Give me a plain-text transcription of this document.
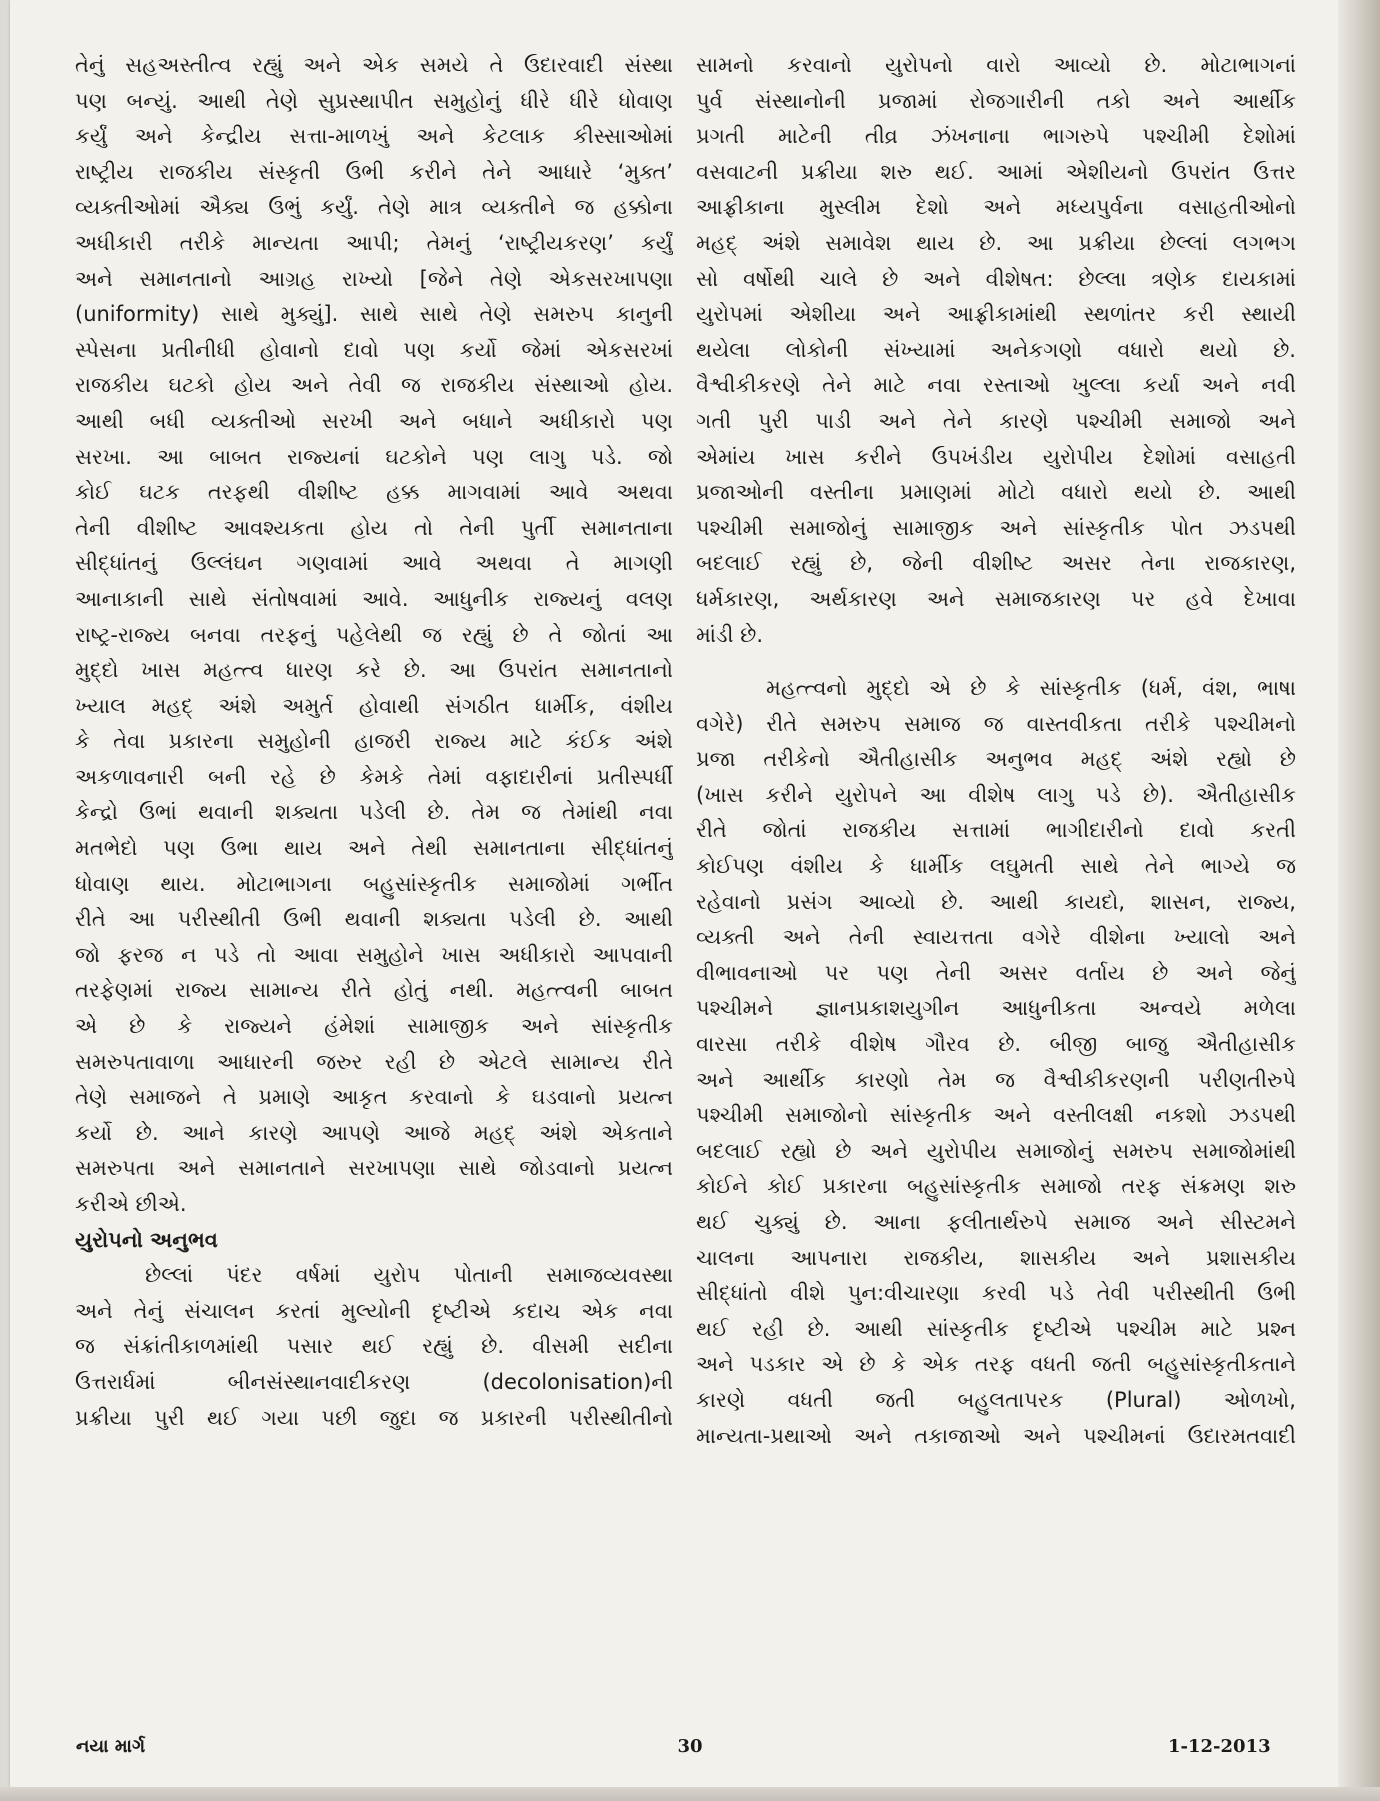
તેનું સહઅસ્તીત્વ રહ્યું અને એક સમયે તે ઉદારવાદી સંસ્થા
પણ બન્યું. આથી તેણે સુપ્રસ્થાપીત સમુહોનું ધીરે ધીરે ધોવાણ
કર્યું અને કેન્દ્રીય સત્તા-માળખું અને કેટલાક કીસ્સાઓમાં
રાષ્ટ્રીય રાજકીય સંસ્કૃતી ઉભી કરીને તેને આધારે ‘મુક્ત’
વ્યક્તીઓમાં ઐક્ય ઉભું કર્યું. તેણે માત્ર વ્યક્તીને જ હક્કોના
અધીકારી તરીકે માન્યતા આપી; તેમનું ‘રાષ્ટ્રીયકરણ’ કર્યું
અને સમાનતાનો આગ્રહ રાખ્યો [જેને તેણે એકસરખાપણા
(uniformity) સાથે મુક્યું]. સાથે સાથે તેણે સમરુપ કાનુની
સ્પેસના પ્રતીનીધી હોવાનો દાવો પણ કર્યો જેમાં એકસરખાં
રાજકીય ઘટકો હોય અને તેવી જ રાજકીય સંસ્થાઓ હોય.
આથી બધી વ્યક્તીઓ સરખી અને બધાને અધીકારો પણ
સરખા. આ બાબત રાજ્યનાં ઘટકોને પણ લાગુ પડે. જો
કોઈ ઘટક તરફથી વીશીષ્ટ હક્ક માગવામાં આવે અથવા
તેની વીશીષ્ટ આવશ્યકતા હોય તો તેની પુર્તી સમાનતાના
સીદ્ધાંતનું ઉલ્લંઘન ગણવામાં આવે અથવા તે માગણી
આનાકાની સાથે સંતોષવામાં આવે. આધુનીક રાજ્યનું વલણ
રાષ્ટ્ર-રાજ્ય બનવા તરફનું પહેલેથી જ રહ્યું છે તે જોતાં આ
મુદ્દો ખાસ મહત્ત્વ ધારણ કરે છે. આ ઉપરાંત સમાનતાનો
ખ્યાલ મહદ્ અંશે અમુર્ત હોવાથી સંગઠીત ધાર્મીક, વંશીય
કે તેવા પ્રકારના સમુહોની હાજરી રાજ્ય માટે કંઈક અંશે
અકળાવનારી બની રહે છે કેમકે તેમાં વફાદારીનાં પ્રતીસ્પર્ધી
કેન્દ્રો ઉભાં થવાની શક્યતા પડેલી છે. તેમ જ તેમાંથી નવા
મતભેદો પણ ઉભા થાય અને તેથી સમાનતાના સીદ્ધાંતનું
ધોવાણ થાય. મોટાભાગના બહુસાંસ્કૃતીક સમાજોમાં ગર્ભીત
રીતે આ પરીસ્થીતી ઉભી થવાની શક્યતા પડેલી છે. આથી
જો ફરજ ન પડે તો આવા સમુહોને ખાસ અધીકારો આપવાની
તરફેણમાં રાજ્ય સામાન્ય રીતે હોતું નથી. મહત્ત્વની બાબત
એ છે કે રાજ્યને હંમેશાં સામાજીક અને સાંસ્કૃતીક
સમરુપતાવાળા આધારની જરુર રહી છે એટલે સામાન્ય રીતે
તેણે સમાજને તે પ્રમાણે આકૃત કરવાનો કે ઘડવાનો પ્રયત્ન
કર્યો છે. આને કારણે આપણે આજે મહદ્ અંશે એકતાને
સમરુપતા અને સમાનતાને સરખાપણા સાથે જોડવાનો પ્રયત્ન
કરીએ છીએ.
યુરોપનો અનુભવ
છેલ્લાં પંદર વર્ષમાં યુરોપ પોતાની સમાજવ્યવસ્થા
અને તેનું સંચાલન કરતાં મુલ્યોની દૃષ્ટીએ કદાચ એક નવા
જ સંક્રાંતીકાળમાંથી પસાર થઈ રહ્યું છે. વીસમી સદીના
ઉત્તરાર્ધમાં બીનસંસ્થાનવાદીકરણ (decolonisation)ની
પ્રક્રીયા પુરી થઈ ગયા પછી જુદા જ પ્રકારની પરીસ્થીતીનો
સામનો કરવાનો યુરોપનો વારો આવ્યો છે. મોટાભાગનાં
પુર્વ સંસ્થાનોની પ્રજામાં રોજગારીની તકો અને આર્થીક
પ્રગતી માટેની તીવ્ર ઝંખનાના ભાગરુપે પશ્ચીમી દેશોમાં
વસવાટની પ્રક્રીયા શરુ થઈ. આમાં એશીયનો ઉપરાંત ઉત્તર
આફ્રીકાના મુસ્લીમ દેશો અને મધ્યપુર્વના વસાહતીઓનો
મહદ્ અંશે સમાવેશ થાય છે. આ પ્રક્રીયા છેલ્લાં લગભગ
સો વર્ષોથી ચાલે છે અને વીશેષત: છેલ્લા ત્રણેક દાયકામાં
યુરોપમાં એશીયા અને આફ્રીકામાંથી સ્થળાંતર કરી સ્થાયી
થયેલા લોકોની સંખ્યામાં અનેકગણો વધારો થયો છે.
વૈશ્વીકીકરણે તેને માટે નવા રસ્તાઓ ખુલ્લા કર્યા અને નવી
ગતી પુરી પાડી અને તેને કારણે પશ્ચીમી સમાજો અને
એમાંય ખાસ કરીને ઉપખંડીય યુરોપીય દેશોમાં વસાહતી
પ્રજાઓની વસ્તીના પ્રમાણમાં મોટો વધારો થયો છે. આથી
પશ્ચીમી સમાજોનું સામાજીક અને સાંસ્કૃતીક પોત ઝડપથી
બદલાઈ રહ્યું છે, જેની વીશીષ્ટ અસર તેના રાજકારણ,
ધર્મકારણ, અર્થકારણ અને સમાજકારણ પર હવે દેખાવા
માંડી છે.
મહત્ત્વનો મુદ્દો એ છે કે સાંસ્કૃતીક (ધર્મ, વંશ, ભાષા
વગેરે) રીતે સમરુપ સમાજ જ વાસ્તવીકતા તરીકે પશ્ચીમનો
પ્રજા તરીકેનો ઐતીહાસીક અનુભવ મહદ્ અંશે રહ્યો છે
(ખાસ કરીને યુરોપને આ વીશેષ લાગુ પડે છે). ઐતીહાસીક
રીતે જોતાં રાજકીય સત્તામાં ભાગીદારીનો દાવો કરતી
કોઈપણ વંશીય કે ધાર્મીક લઘુમતી સાથે તેને ભાગ્યે જ
રહેવાનો પ્રસંગ આવ્યો છે. આથી કાયદો, શાસન, રાજ્ય,
વ્યક્તી અને તેની સ્વાયત્તતા વગેરે વીશેના ખ્યાલો અને
વીભાવનાઓ પર પણ તેની અસર વર્તાય છે અને જેનું
પશ્ચીમને જ્ઞાનપ્રકાશયુગીન આધુનીકતા અન્વયે મળેલા
વારસા તરીકે વીશેષ ગૌરવ છે. બીજી બાજુ ઐતીહાસીક
અને આર્થીક કારણો તેમ જ વૈશ્વીકીકરણની પરીણતીરુપે
પશ્ચીમી સમાજોનો સાંસ્કૃતીક અને વસ્તીલક્ષી નકશો ઝડપથી
બદલાઈ રહ્યો છે અને યુરોપીય સમાજોનું સમરુપ સમાજોમાંથી
કોઈને કોઈ પ્રકારના બહુસાંસ્કૃતીક સમાજો તરફ સંક્રમણ શરુ
થઈ ચુક્યું છે. આના ફલીતાર્થરુપે સમાજ અને સીસ્ટમને
ચાલના આપનારા રાજકીય, શાસકીય અને પ્રશાસકીય
સીદ્ધાંતો વીશે પુન:વીચારણા કરવી પડે તેવી પરીસ્થીતી ઉભી
થઈ રહી છે. આથી સાંસ્કૃતીક દૃષ્ટીએ પશ્ચીમ માટે પ્રશ્ન
અને પડકાર એ છે કે એક તરફ વધતી જતી બહુસાંસ્કૃતીકતાને
કારણે વધતી જતી બહુલતાપરક (Plural) ઓળખો,
માન્યતા-પ્રથાઓ અને તકાજાઓ અને પશ્ચીમનાં ઉદારમતવાદી
નયા માર્ગ	30	1-12-2013
